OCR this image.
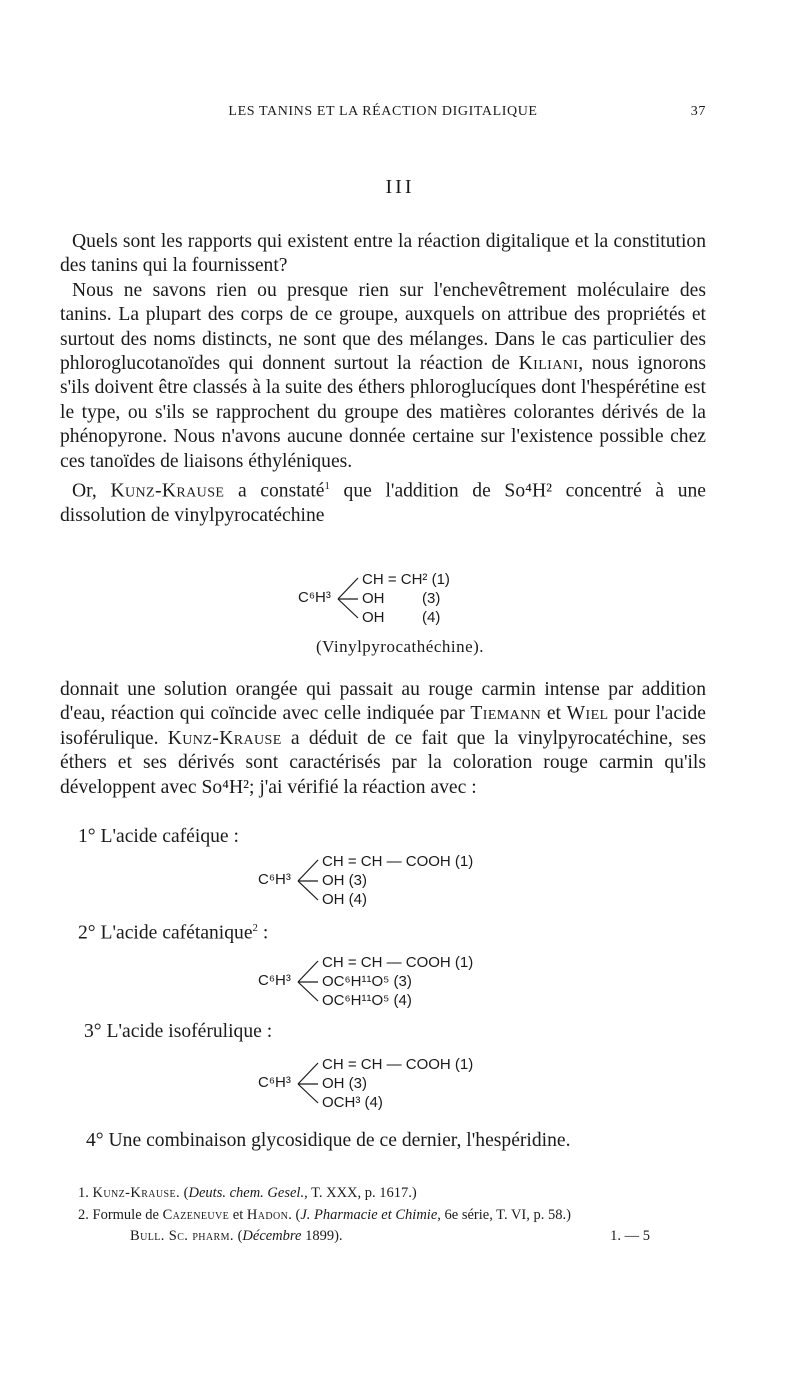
LES TANINS ET LA RÉACTION DIGITALIQUE	37
III

Quels sont les rapports qui existent entre la réaction digitalique et la constitution des tanins qui la fournissent?

Nous ne savons rien ou presque rien sur l'enchevêtrement moléculaire des tanins. La plupart des corps de ce groupe, auxquels on attribue des propriétés et surtout des noms distincts, ne sont que des mélanges. Dans le cas particulier des phloroglucotanoïdes qui donnent surtout la réaction de Kiliani, nous ignorons s'ils doivent être classés à la suite des éthers phloroglucíques dont l'hespérétine est le type, ou s'ils se rapprochent du groupe des matières colorantes dérivés de la phénopyrone. Nous n'avons aucune donnée certaine sur l'existence possible chez ces tanoïdes de liaisons éthyléniques.

Or, Kunz-Krause a constaté$^1$ que l'addition de So⁴H² concentré à une dissolution de vinylpyrocatéchine

C⁶H³
CH = CH² (1)
OH         (3)
OH         (4)
(Vinylpyrocathéchine).

donnait une solution orangée qui passait au rouge carmin intense par addition d'eau, réaction qui coïncide avec celle indiquée par Tiemann et Wiel pour l'acide isoférulique. Kunz-Krause a déduit de ce fait que la vinylpyrocatéchine, ses éthers et ses dérivés sont caractérisés par la coloration rouge carmin qu'ils développent avec So⁴H²; j'ai vérifié la réaction avec :

1° L'acide caféique :
C⁶H³
CH = CH — COOH (1)
OH (3)
OH (4)
2° L'acide cafétanique$^2$ :
C⁶H³
CH = CH — COOH (1)
OC⁶H¹¹O⁵ (3)
OC⁶H¹¹O⁵ (4)
3° L'acide isoférulique :
C⁶H³
CH = CH — COOH (1)
OH (3)
OCH³ (4)
4° Une combinaison glycosidique de ce dernier, l'hespéridine.

1. Kunz-Krause. (Deuts. chem. Gesel., T. XXX, p. 1617.)

2. Formule de Cazeneuve et Hadon. (J. Pharmacie et Chimie, 6e série, T. VI, p. 58.)

Bull. Sc. pharm. (Décembre 1899).	1. — 5
